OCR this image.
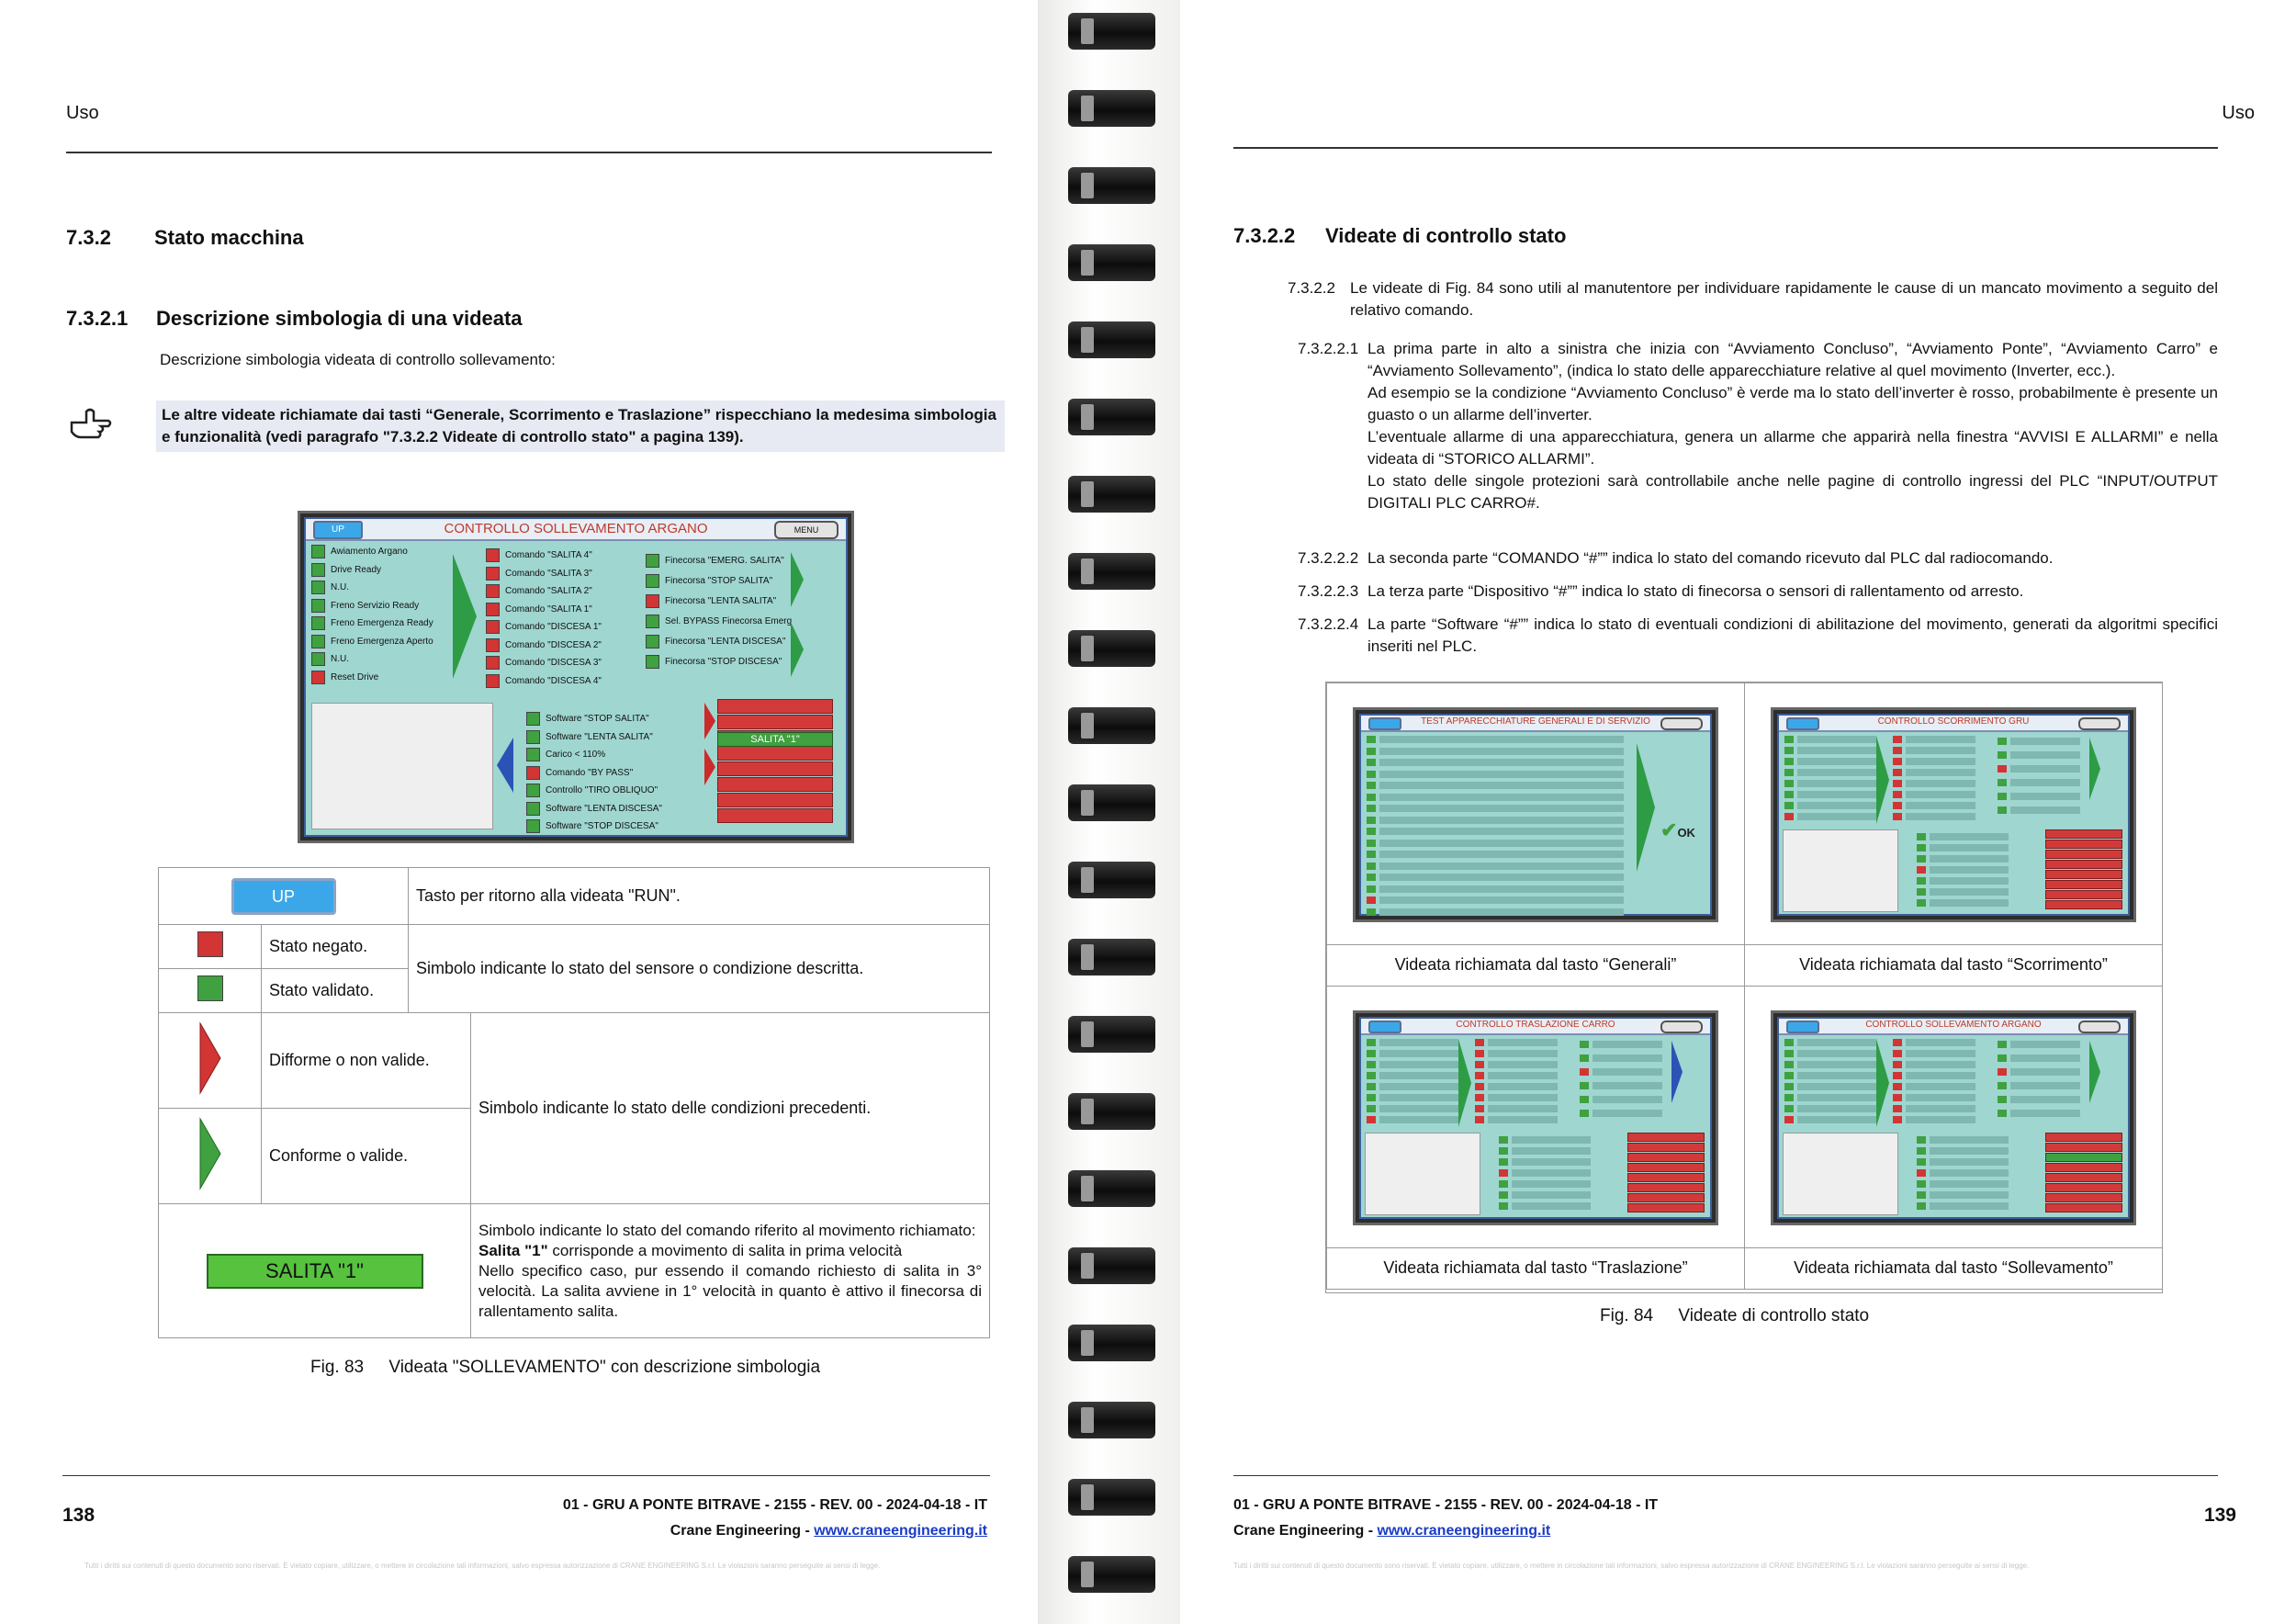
Uso
7.3.2 Stato macchina
7.3.2.1 Descrizione simbologia di una videata
Descrizione simbologia videata di controllo sollevamento:
Le altre videate richiamate dai tasti “Generale, Scorrimento e Traslazione” rispecchiano la medesima simbologia e funzionalità (vedi paragrafo "7.3.2.2 Videate di controllo stato" a pagina 139).
UP	CONTROLLO SOLLEVAMENTO ARGANO	MENU
Awiamento Argano
Drive Ready
N.U.
Freno Servizio Ready
Freno Emergenza Ready
Freno Emergenza Aperto
N.U.
Reset Drive
Comando "SALITA 4"
Comando "SALITA 3"
Comando "SALITA 2"
Comando "SALITA 1"
Comando "DISCESA 1"
Comando "DISCESA 2"
Comando "DISCESA 3"
Comando "DISCESA 4"
Finecorsa "EMERG. SALITA"
Finecorsa "STOP SALITA"
Finecorsa "LENTA SALITA"
Sel. BYPASS Finecorsa Emerg
Finecorsa "LENTA DISCESA"
Finecorsa "STOP DISCESA"
Software "STOP SALITA"
Software "LENTA SALITA"
Carico < 110%
Comando "BY PASS"
Controllo "TIRO OBLIQUO"
Software "LENTA DISCESA"
Software "STOP DISCESA"
SALITA "1"
UP		Tasto per ritorno alla videata "RUN".	
	Stato negato.	Simbolo indicante lo stato del sensore o condizione descritta.	
	Stato validato.		
	Difforme o non valide.		Simbolo indicante lo stato delle condizioni precedenti.
	Conforme o valide.		
SALITA "1"			Simbolo indicante lo stato del comando riferito al movimento richiamato:
Salita "1" corrisponde a movimento di salita in prima velocità
Nello specifico caso, pur essendo il comando richiesto di salita in 3° velocità. La salita avviene in 1° velocità in quanto è attivo il finecorsa di rallentamento salita.
Fig. 83 Videata "SOLLEVAMENTO" con descrizione simbologia
138	01 - GRU A PONTE BITRAVE - 2155 - REV. 00 - 2024-04-18 - IT
Crane Engineering - www.craneengineering.it
Tutti i diritti sui contenuti di questo documento sono riservati. È vietato copiare, utilizzare, o mettere in circolazione tali informazioni, salvo espressa autorizzazione di CRANE ENGINEERING S.r.l. Le violazioni saranno perseguite ai sensi di legge.
Uso
7.3.2.2 Videate di controllo stato
7.3.2.2 Le videate di Fig. 84 sono utili al manutentore per individuare rapidamente le cause di un mancato movimento a seguito del relativo comando.
7.3.2.2.1 La prima parte in alto a sinistra che inizia con “Avviamento Concluso”, “Avviamento Ponte”, “Avviamento Carro” e “Avviamento Sollevamento”, (indica lo stato delle apparecchiature relative al quel movimento (Inverter, ecc.).
Ad esempio se la condizione “Avviamento Concluso” è verde ma lo stato dell’inverter è rosso, probabilmente è presente un guasto o un allarme dell’inverter.
L’eventuale allarme di una apparecchiatura, genera un allarme che apparirà nella finestra “AVVISI E ALLARMI” e nella videata di “STORICO ALLARMI”.
Lo stato delle singole protezioni sarà controllabile anche nelle pagine di controllo ingressi del PLC “INPUT/OUTPUT DIGITALI PLC CARRO#.
7.3.2.2.2 La seconda parte “COMANDO “#”” indica lo stato del comando ricevuto dal PLC dal radiocomando.
7.3.2.2.3 La terza parte “Dispositivo “#”” indica lo stato di finecorsa o sensori di rallentamento od arresto.
7.3.2.2.4 La parte “Software “#”” indica lo stato di eventuali condizioni di abilitazione del movimento, generati da algoritmi specifici inseriti nel PLC.
Fig. 84 Videate di controllo stato
01 - GRU A PONTE BITRAVE - 2155 - REV. 00 - 2024-04-18 - IT
Crane Engineering - www.craneengineering.it
139
Tutti i diritti sui contenuti di questo documento sono riservati. È vietato copiare, utilizzare, o mettere in circolazione tali informazioni, salvo espressa autorizzazione di CRANE ENGINEERING S.r.l. Le violazioni saranno perseguite ai sensi di legge.
TEST APPARECCHIATURE GENERALI E DI SERVIZIO
✔OK
Videata richiamata dal tasto “Generali”
CONTROLLO SCORRIMENTO GRU
Videata richiamata dal tasto “Scorrimento”
CONTROLLO TRASLAZIONE CARRO
Videata richiamata dal tasto “Traslazione”
CONTROLLO SOLLEVAMENTO ARGANO
Videata richiamata dal tasto “Sollevamento”
